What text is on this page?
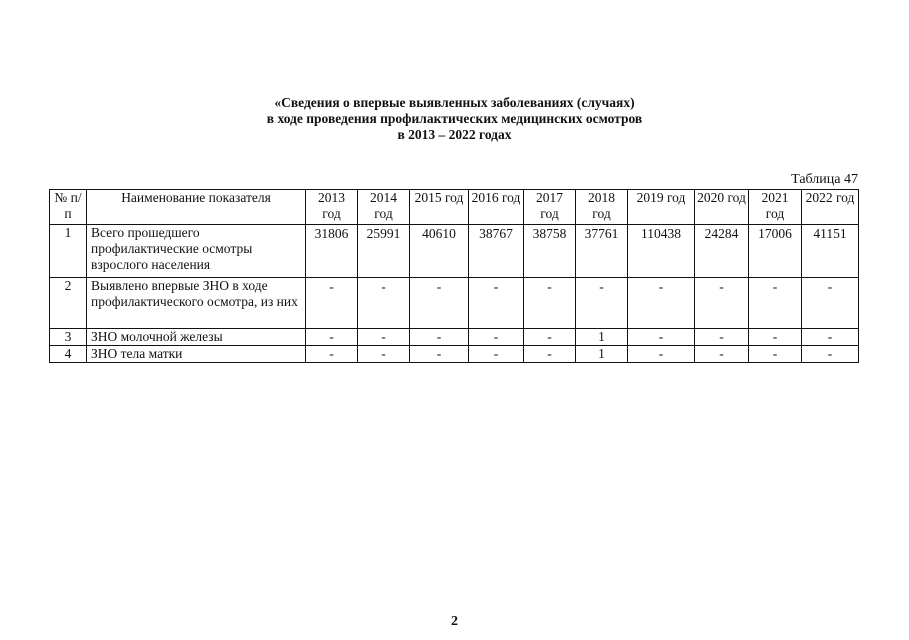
«Сведения о впервые выявленных заболеваниях (случаях)
в ходе проведения профилактических медицинских осмотров
в 2013 – 2022 годах
Таблица 47
№ п/п	Наименование показателя	2013 год	2014 год	2015 год	2016 год	2017 год	2018 год	2019 год	2020 год	2021 год	2022 год
1	Всего прошедшего профилактические осмотры взрослого населения	31806	25991	40610	38767	38758	37761	110438	24284	17006	41151
2	Выявлено впервые ЗНО в ходе профилактического осмотра, из них	-	-	-	-	-	-	-	-	-	-
3	ЗНО молочной железы	-	-	-	-	-	1	-	-	-	-
4	ЗНО тела матки	-	-	-	-	-	1	-	-	-	-
2
